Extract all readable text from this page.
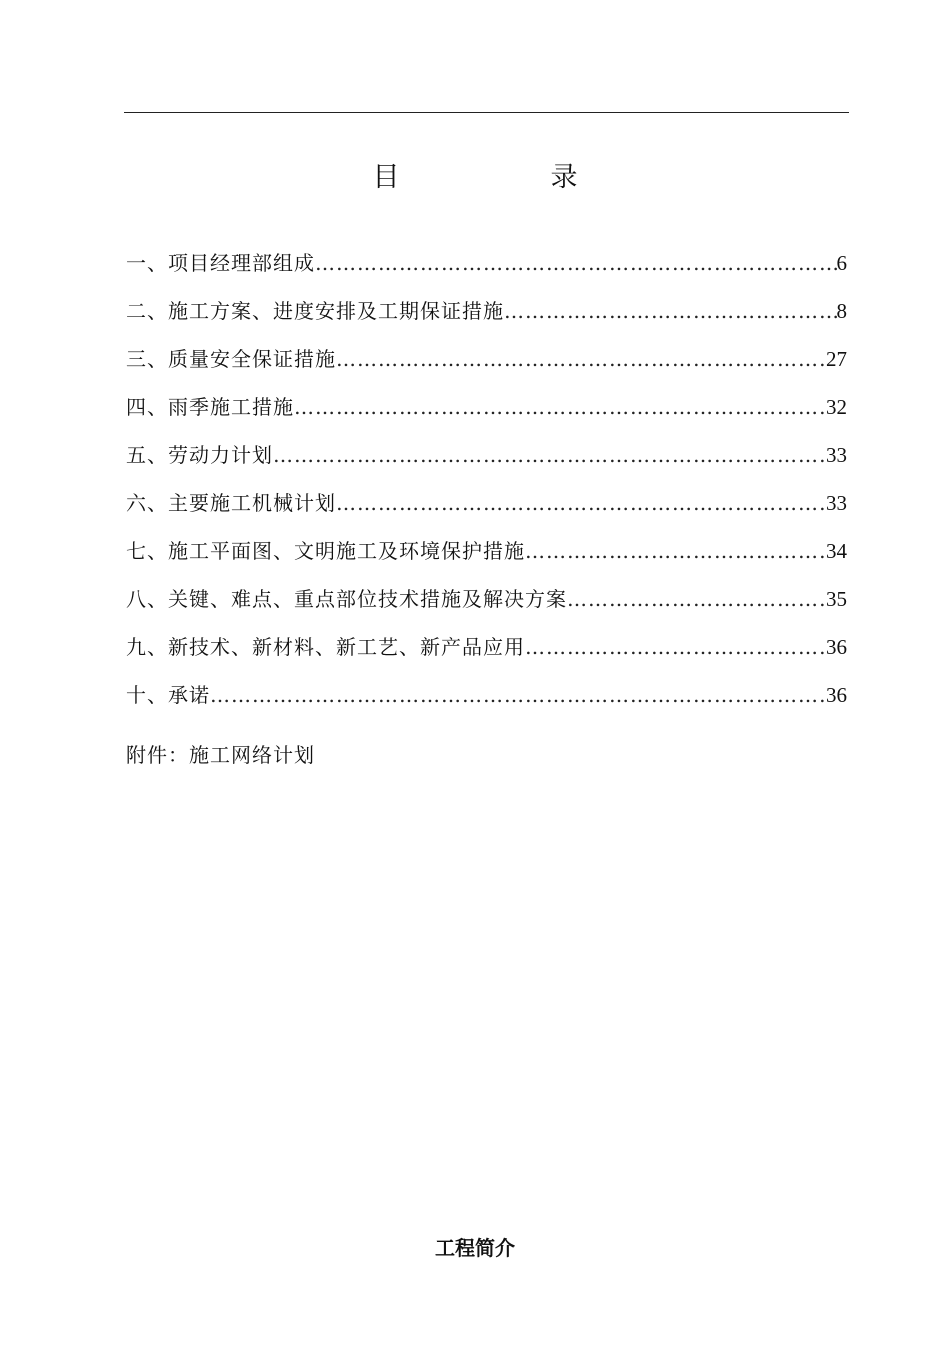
目　录
一、项目经理部组成 ……………………………………………………………………………………………………………………………………………………………………………………………………	6
二、施工方案、进度安排及工期保证措施 ……………………………………………………………………………………………………………………………………………………………………………………………………	8
三、质量安全保证措施 ……………………………………………………………………………………………………………………………………………………………………………………………………	27
四、雨季施工措施 ……………………………………………………………………………………………………………………………………………………………………………………………………	32
五、劳动力计划 ……………………………………………………………………………………………………………………………………………………………………………………………………	33
六、主要施工机械计划 ……………………………………………………………………………………………………………………………………………………………………………………………………	33
七、施工平面图、文明施工及环境保护措施 ……………………………………………………………………………………………………………………………………………………………………………………………………	34
八、关键、难点、重点部位技术措施及解决方案 ……………………………………………………………………………………………………………………………………………………………………………………………………	35
九、新技术、新材料、新工艺、新产品应用 ……………………………………………………………………………………………………………………………………………………………………………………………………	36
十、承诺 ……………………………………………………………………………………………………………………………………………………………………………………………………	36
附件：施工网络计划
工程简介
